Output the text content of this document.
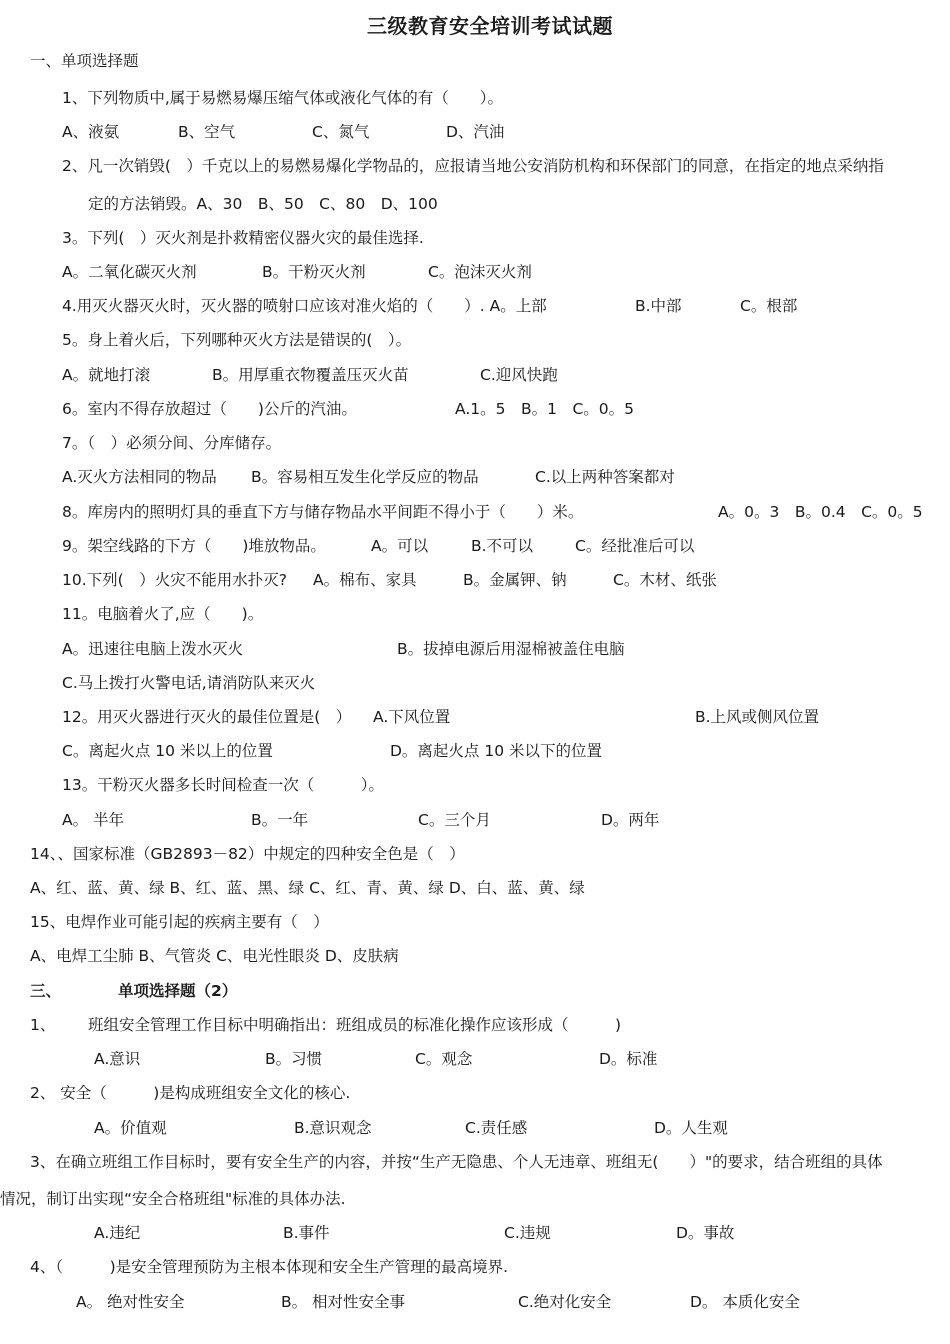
三级教育安全培训考试试题
一、单项选择题
1、下列物质中,属于易燃易爆压缩气体或液化气体的有（　　）。
A、液氨	B、空气	C、氮气	D、汽油
2、凡一次销毁(　）千克以上的易燃易爆化学物品的，应报请当地公安消防机构和环保部门的同意，在指定的地点采纳指
定的方法销毁。A、30　B、50　C、80　D、100
3。下列(　）灭火剂是扑救精密仪器火灾的最佳选择.
A。二氧化碳灭火剂	B。干粉灭火剂	C。泡沫灭火剂
4.用灭火器灭火时，灭火器的喷射口应该对准火焰的（　　）. A。上部	B.中部	C。根部
5。身上着火后，下列哪种灭火方法是错误的(　）。
A。就地打滚	B。用厚重衣物覆盖压灭火苗	C.迎风快跑
6。室内不得存放超过（　　)公斤的汽油。	A.1。5　B。1　C。0。5
7。（　）必须分间、分库储存。
A.灭火方法相同的物品 B。容易相互发生化学反应的物品	C.以上两种答案都对
8。库房内的照明灯具的垂直下方与储存物品水平间距不得小于（　　）米。	A。0。3　B。0.4　C。0。5
9。架空线路的下方（　　)堆放物品。	A。可以	B.不可以	C。经批准后可以
10.下列(　）火灾不能用水扑灭? A。棉布、家具	B。金属钾、钠	C。木材、纸张
11。电脑着火了,应（　　)。
A。迅速往电脑上泼水灭火	B。拔掉电源后用湿棉被盖住电脑
C.马上拨打火警电话,请消防队来灭火
12。用灭火器进行灭火的最佳位置是(　） A.下风位置	B.上风或侧风位置
C。离起火点 10 米以上的位置	D。离起火点 10 米以下的位置
13。干粉灭火器多长时间检查一次（　　　）。
A。 半年	B。一年	C。三个月	D。两年
14、、国家标准（GB2893－82）中规定的四种安全色是（　）
A、红、蓝、黄、绿 B、红、蓝、黑、绿 C、红、青、黄、绿 D、白、蓝、黄、绿
15、电焊作业可能引起的疾病主要有（　）
A、电焊工尘肺 B、气管炎 C、电光性眼炎 D、皮肤病
三、	单项选择题（2）
1、 班组安全管理工作目标中明确指出：班组成员的标准化操作应该形成（　　　)
A.意识	B。习惯	C。观念	D。标准
2、 安全（　　　)是构成班组安全文化的核心.
A。价值观	B.意识观念	C.责任感	D。人生观
3、在确立班组工作目标时，要有安全生产的内容，并按“生产无隐患、个人无违章、班组无(　　）"的要求，结合班组的具体
情况，制订出实现“安全合格班组"标准的具体办法.
A.违纪	B.事件	C.违规	D。事故
4、（　　　)是安全管理预防为主根本体现和安全生产管理的最高境界.
A。 绝对性安全	B。 相对性安全事	C.绝对化安全	D。 本质化安全
